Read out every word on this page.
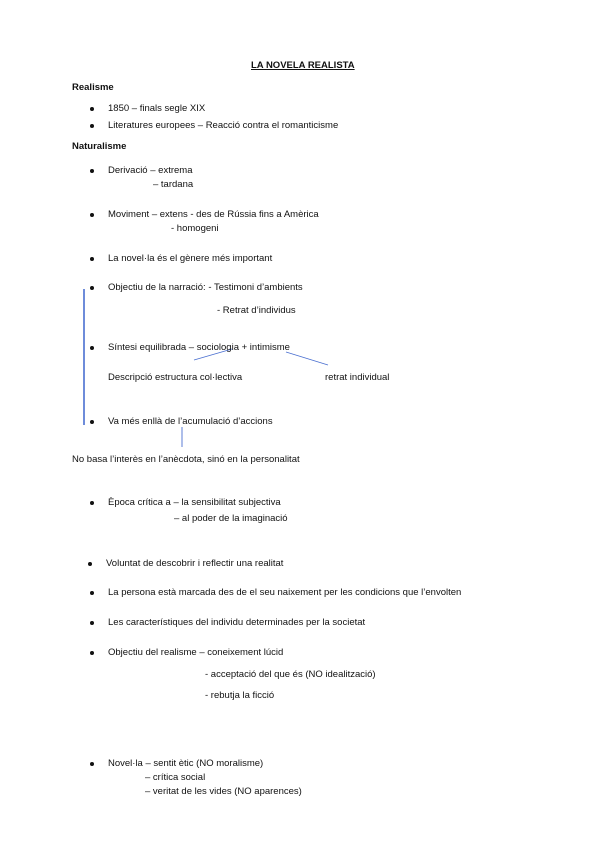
LA NOVELA REALISTA
Realisme
1850 – finals segle XIX
Literatures europees – Reacció contra el romanticisme
Naturalisme
Derivació – extrema
– tardana
Moviment – extens - des de Rússia fins a Amèrica
- homogeni
La novel·la és el gènere més important
Objectiu de la narració: - Testimoni d’ambients
- Retrat d’individus
Síntesi equilibrada – sociologia + intimisme
Descripció estructura col·lectiva	retrat individual
Va més enllà de l’acumulació d’accions
No basa l’interès en l’anècdota, sinó en la personalitat
Època crítica a – la sensibilitat subjectiva
– al poder de la imaginació
Voluntat de descobrir i reflectir una realitat
La persona està marcada des de el seu naixement per les condicions que l’envolten
Les característiques del individu determinades per la societat
Objectiu del realisme – coneixement lúcid
- acceptació del que és (NO idealització)
- rebutja la ficció
Novel·la – sentit ètic (NO moralisme)
– crítica social
– veritat de les vides (NO aparences)
